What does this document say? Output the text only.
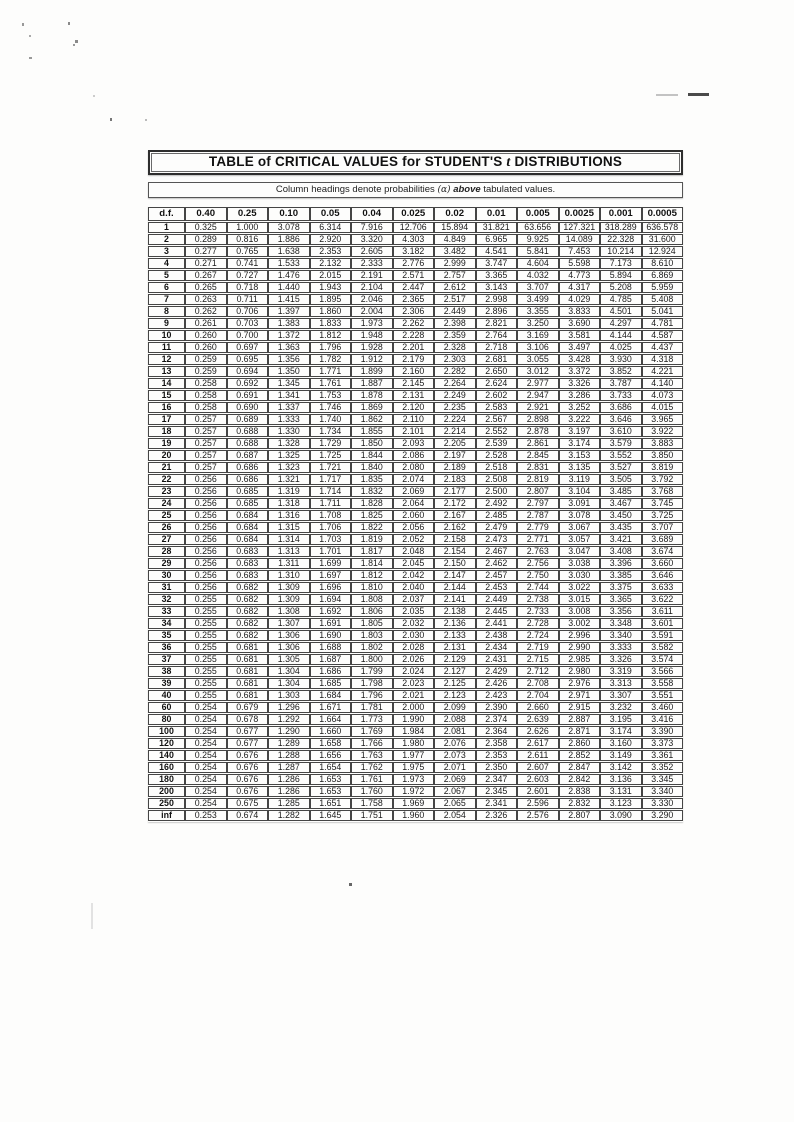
TABLE of CRITICAL VALUES for STUDENT'S t DISTRIBUTIONS
Column headings denote probabilities (α) above tabulated values.
d.f.	0.40	0.25	0.10	0.05	0.04	0.025	0.02	0.01	0.005	0.0025	0.001	0.0005
1	0.325	1.000	3.078	6.314	7.916	12.706	15.894	31.821	63.656	127.321	318.289	636.578
2	0.289	0.816	1.886	2.920	3.320	4.303	4.849	6.965	9.925	14.089	22.328	31.600
3	0.277	0.765	1.638	2.353	2.605	3.182	3.482	4.541	5.841	7.453	10.214	12.924
4	0.271	0.741	1.533	2.132	2.333	2.776	2.999	3.747	4.604	5.598	7.173	8.610
5	0.267	0.727	1.476	2.015	2.191	2.571	2.757	3.365	4.032	4.773	5.894	6.869
6	0.265	0.718	1.440	1.943	2.104	2.447	2.612	3.143	3.707	4.317	5.208	5.959
7	0.263	0.711	1.415	1.895	2.046	2.365	2.517	2.998	3.499	4.029	4.785	5.408
8	0.262	0.706	1.397	1.860	2.004	2.306	2.449	2.896	3.355	3.833	4.501	5.041
9	0.261	0.703	1.383	1.833	1.973	2.262	2.398	2.821	3.250	3.690	4.297	4.781
10	0.260	0.700	1.372	1.812	1.948	2.228	2.359	2.764	3.169	3.581	4.144	4.587
11	0.260	0.697	1.363	1.796	1.928	2.201	2.328	2.718	3.106	3.497	4.025	4.437
12	0.259	0.695	1.356	1.782	1.912	2.179	2.303	2.681	3.055	3.428	3.930	4.318
13	0.259	0.694	1.350	1.771	1.899	2.160	2.282	2.650	3.012	3.372	3.852	4.221
14	0.258	0.692	1.345	1.761	1.887	2.145	2.264	2.624	2.977	3.326	3.787	4.140
15	0.258	0.691	1.341	1.753	1.878	2.131	2.249	2.602	2.947	3.286	3.733	4.073
16	0.258	0.690	1.337	1.746	1.869	2.120	2.235	2.583	2.921	3.252	3.686	4.015
17	0.257	0.689	1.333	1.740	1.862	2.110	2.224	2.567	2.898	3.222	3.646	3.965
18	0.257	0.688	1.330	1.734	1.855	2.101	2.214	2.552	2.878	3.197	3.610	3.922
19	0.257	0.688	1.328	1.729	1.850	2.093	2.205	2.539	2.861	3.174	3.579	3.883
20	0.257	0.687	1.325	1.725	1.844	2.086	2.197	2.528	2.845	3.153	3.552	3.850
21	0.257	0.686	1.323	1.721	1.840	2.080	2.189	2.518	2.831	3.135	3.527	3.819
22	0.256	0.686	1.321	1.717	1.835	2.074	2.183	2.508	2.819	3.119	3.505	3.792
23	0.256	0.685	1.319	1.714	1.832	2.069	2.177	2.500	2.807	3.104	3.485	3.768
24	0.256	0.685	1.318	1.711	1.828	2.064	2.172	2.492	2.797	3.091	3.467	3.745
25	0.256	0.684	1.316	1.708	1.825	2.060	2.167	2.485	2.787	3.078	3.450	3.725
26	0.256	0.684	1.315	1.706	1.822	2.056	2.162	2.479	2.779	3.067	3.435	3.707
27	0.256	0.684	1.314	1.703	1.819	2.052	2.158	2.473	2.771	3.057	3.421	3.689
28	0.256	0.683	1.313	1.701	1.817	2.048	2.154	2.467	2.763	3.047	3.408	3.674
29	0.256	0.683	1.311	1.699	1.814	2.045	2.150	2.462	2.756	3.038	3.396	3.660
30	0.256	0.683	1.310	1.697	1.812	2.042	2.147	2.457	2.750	3.030	3.385	3.646
31	0.256	0.682	1.309	1.696	1.810	2.040	2.144	2.453	2.744	3.022	3.375	3.633
32	0.255	0.682	1.309	1.694	1.808	2.037	2.141	2.449	2.738	3.015	3.365	3.622
33	0.255	0.682	1.308	1.692	1.806	2.035	2.138	2.445	2.733	3.008	3.356	3.611
34	0.255	0.682	1.307	1.691	1.805	2.032	2.136	2.441	2.728	3.002	3.348	3.601
35	0.255	0.682	1.306	1.690	1.803	2.030	2.133	2.438	2.724	2.996	3.340	3.591
36	0.255	0.681	1.306	1.688	1.802	2.028	2.131	2.434	2.719	2.990	3.333	3.582
37	0.255	0.681	1.305	1.687	1.800	2.026	2.129	2.431	2.715	2.985	3.326	3.574
38	0.255	0.681	1.304	1.686	1.799	2.024	2.127	2.429	2.712	2.980	3.319	3.566
39	0.255	0.681	1.304	1.685	1.798	2.023	2.125	2.426	2.708	2.976	3.313	3.558
40	0.255	0.681	1.303	1.684	1.796	2.021	2.123	2.423	2.704	2.971	3.307	3.551
60	0.254	0.679	1.296	1.671	1.781	2.000	2.099	2.390	2.660	2.915	3.232	3.460
80	0.254	0.678	1.292	1.664	1.773	1.990	2.088	2.374	2.639	2.887	3.195	3.416
100	0.254	0.677	1.290	1.660	1.769	1.984	2.081	2.364	2.626	2.871	3.174	3.390
120	0.254	0.677	1.289	1.658	1.766	1.980	2.076	2.358	2.617	2.860	3.160	3.373
140	0.254	0.676	1.288	1.656	1.763	1.977	2.073	2.353	2.611	2.852	3.149	3.361
160	0.254	0.676	1.287	1.654	1.762	1.975	2.071	2.350	2.607	2.847	3.142	3.352
180	0.254	0.676	1.286	1.653	1.761	1.973	2.069	2.347	2.603	2.842	3.136	3.345
200	0.254	0.676	1.286	1.653	1.760	1.972	2.067	2.345	2.601	2.838	3.131	3.340
250	0.254	0.675	1.285	1.651	1.758	1.969	2.065	2.341	2.596	2.832	3.123	3.330
inf	0.253	0.674	1.282	1.645	1.751	1.960	2.054	2.326	2.576	2.807	3.090	3.290
